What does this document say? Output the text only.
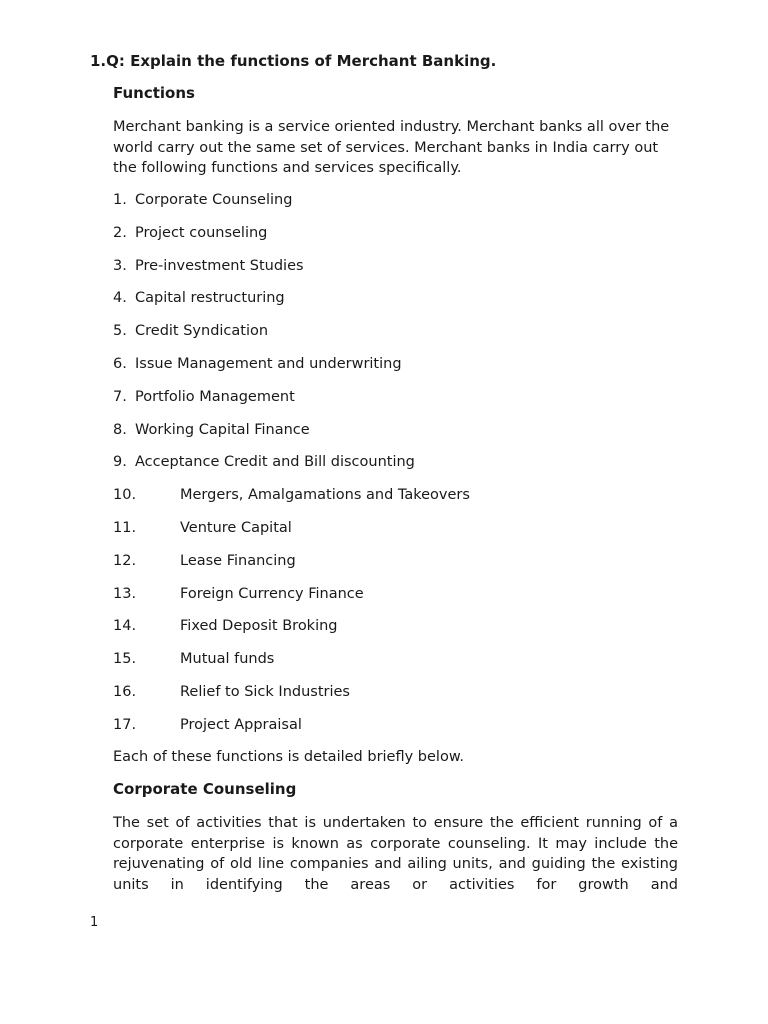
1.Q: Explain the functions of Merchant Banking.
Functions
Merchant banking is a service oriented industry. Merchant banks all over the world carry out the same set of services. Merchant banks in India carry out the following functions and services specifically.
1. Corporate Counseling
2. Project counseling
3. Pre-investment Studies
4. Capital restructuring
5. Credit Syndication
6. Issue Management and underwriting
7. Portfolio Management
8. Working Capital Finance
9. Acceptance Credit and Bill discounting
10.	Mergers, Amalgamations and Takeovers
11.	Venture Capital
12.	Lease Financing
13.	Foreign Currency Finance
14.	Fixed Deposit Broking
15.	Mutual funds
16.	Relief to Sick Industries
17.	Project Appraisal
Each of these functions is detailed briefly below.
Corporate Counseling
The set of activities that is undertaken to ensure the efficient running of a corporate enterprise is known as corporate counseling. It may include the rejuvenating of old line companies and ailing units, and guiding the existing units in identifying the areas or activities for growth and
1
